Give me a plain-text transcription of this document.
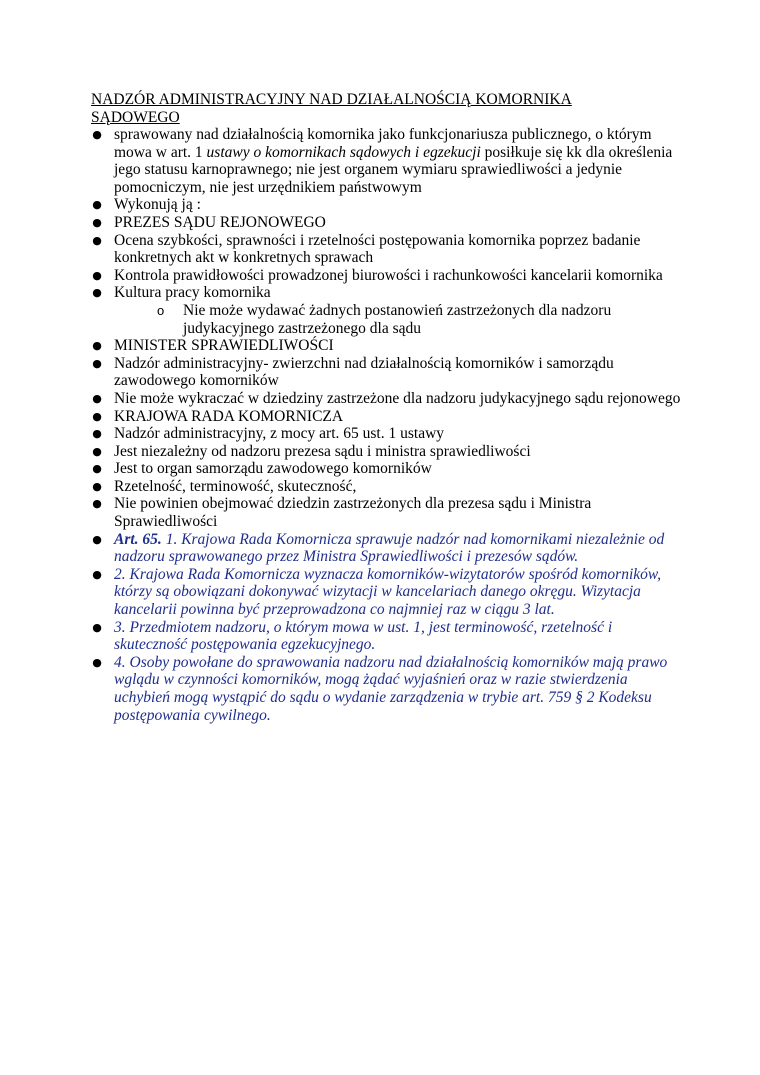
NADZÓR ADMINISTRACYJNY NAD DZIAŁALNOŚCIĄ KOMORNIKA SĄDOWEGO
● sprawowany nad działalnością komornika jako funkcjonariusza publicznego, o którym mowa w art. 1 ustawy o komornikach sądowych i egzekucji posiłkuje się kk dla określenia jego statusu karnoprawnego; nie jest organem wymiaru sprawiedliwości a jedynie pomocniczym, nie jest urzędnikiem państwowym
● Wykonują ją :
● PREZES SĄDU REJONOWEGO
● Ocena szybkości, sprawności i rzetelności postępowania komornika poprzez badanie konkretnych akt w konkretnych sprawach
● Kontrola prawidłowości prowadzonej biurowości i rachunkowości kancelarii komornika
● Kultura pracy komornika
o Nie może wydawać żadnych postanowień zastrzeżonych dla nadzoru judykacyjnego zastrzeżonego dla sądu
● MINISTER SPRAWIEDLIWOŚCI
● Nadzór administracyjny- zwierzchni nad działalnością komorników i samorządu zawodowego komorników
● Nie może wykraczać w dziedziny zastrzeżone dla nadzoru judykacyjnego sądu rejonowego
● KRAJOWA RADA KOMORNICZA
● Nadzór administracyjny, z mocy art. 65 ust. 1 ustawy
● Jest niezależny od nadzoru prezesa sądu i ministra sprawiedliwości
● Jest to organ samorządu zawodowego komorników
● Rzetelność, terminowość, skuteczność,
● Nie powinien obejmować dziedzin zastrzeżonych dla prezesa sądu i Ministra Sprawiedliwości
● Art. 65. 1. Krajowa Rada Komornicza sprawuje nadzór nad komornikami niezależnie od nadzoru sprawowanego przez Ministra Sprawiedliwości i prezesów sądów.
● 2. Krajowa Rada Komornicza wyznacza komorników-wizytatorów spośród komorników, którzy są obowiązani dokonywać wizytacji w kancelariach danego okręgu. Wizytacja kancelarii powinna być przeprowadzona co najmniej raz w ciągu 3 lat.
● 3. Przedmiotem nadzoru, o którym mowa w ust. 1, jest terminowość, rzetelność i skuteczność postępowania egzekucyjnego.
● 4. Osoby powołane do sprawowania nadzoru nad działalnością komorników mają prawo wglądu w czynności komorników, mogą żądać wyjaśnień oraz w razie stwierdzenia uchybień mogą wystąpić do sądu o wydanie zarządzenia w trybie art. 759 § 2 Kodeksu postępowania cywilnego.
